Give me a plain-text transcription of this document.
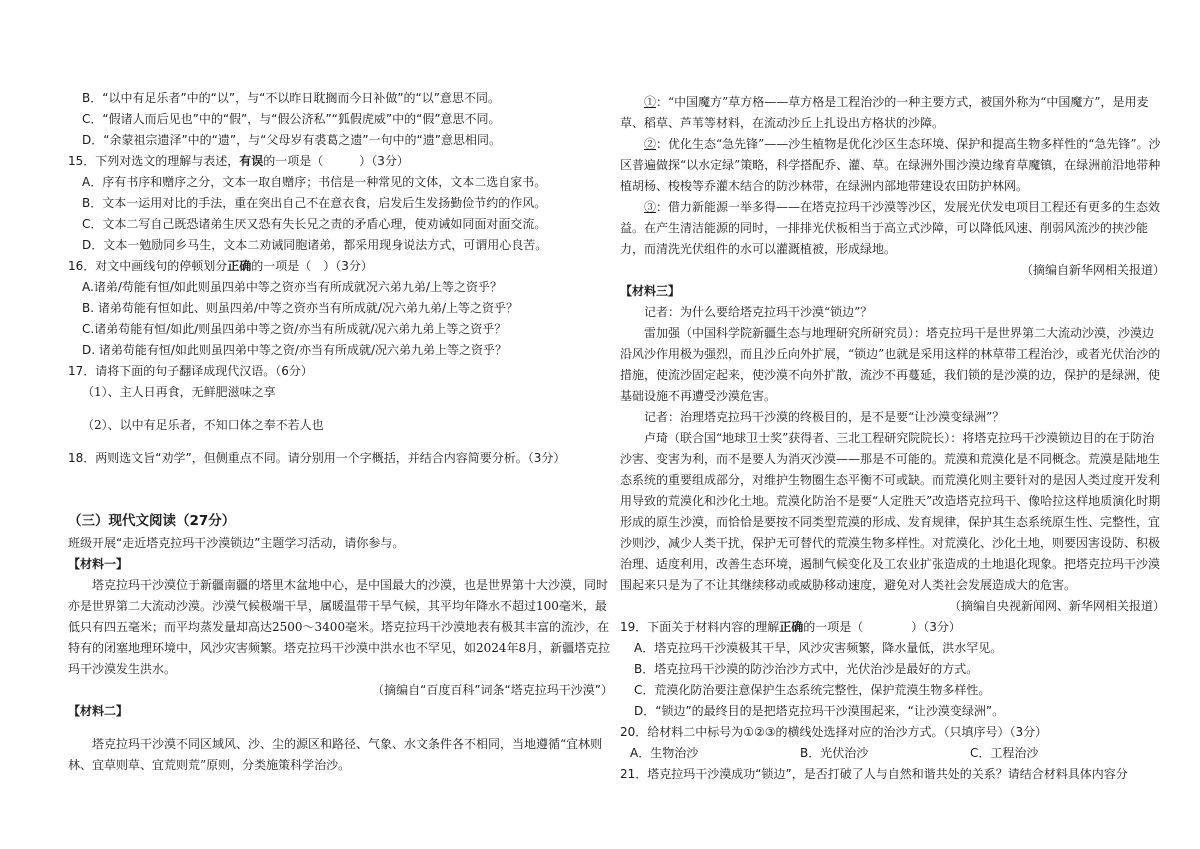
B．“以中有足乐者”中的“以”，与“不以昨日耽搁而今日补做”的“以”意思不同。
C．“假诸人而后见也”中的“假”，与“假公济私”“狐假虎威”中的“假”意思不同。
D．“余蒙祖宗遗泽”中的“遗”，与“父母岁有裘葛之遗”一句中的“遗”意思相同。
15．下列对选文的理解与表述，有误的一项是（　　　）（3分）
A．序有书序和赠序之分，文本一取自赠序；书信是一种常见的文体，文本二选自家书。
B．文本一运用对比的手法，重在突出自己不在意衣食，启发后生发扬勤俭节约的作风。
C．文本二写自己既恐诸弟生厌又恐有失长兄之责的矛盾心理，使劝诫如同面对面交流。
D．文本一勉励同乡马生，文本二劝诫同胞诸弟，都采用现身说法方式，可谓用心良苦。
16．对文中画线句的停顿划分正确的一项是（　）（3分）
A.诸弟/苟能有恒/如此则虽四弟中等之资亦当有所成就况六弟九弟/上等之资乎？
B. 诸弟苟能有恒如此、则虽四弟/中等之资亦当有所成就/况六弟九弟/上等之资乎？
C.诸弟苟能有恒/如此/则虽四弟中等之资/亦当有所成就/况六弟九弟上等之资乎？
D. 诸弟苟能有恒/如此则虽四弟中等之资/亦当有所成就/况六弟九弟上等之资乎？
17．请将下面的句子翻译成现代汉语。（6分）
（1）、主人日再食，无鲜肥滋味之享
（2）、以中有足乐者，不知口体之奉不若人也
18．两则选文旨“劝学”，但侧重点不同。请分别用一个字概括，并结合内容简要分析。（3分）
（三）现代文阅读（27分）
班级开展“走近塔克拉玛干沙漠锁边”主题学习活动，请你参与。
【材料一】
塔克拉玛干沙漠位于新疆南疆的塔里木盆地中心，是中国最大的沙漠，也是世界第十大沙漠，同时亦是世界第二大流动沙漠。沙漠气候极端干旱，属暖温带干旱气候，其平均年降水不超过100毫米，最低只有四五毫米；而平均蒸发量却高达2500～3400毫米。塔克拉玛干沙漠地表有极其丰富的流沙，在特有的闭塞地理环境中，风沙灾害频繁。塔克拉玛干沙漠中洪水也不罕见，如2024年8月，新疆塔克拉玛干沙漠发生洪水。
（摘编自“百度百科”词条“塔克拉玛干沙漠”）
【材料二】
塔克拉玛干沙漠不同区域风、沙、尘的源区和路径、气象、水文条件各不相同，当地遵循“宜林则林、宜草则草、宜荒则荒”原则，分类施策科学治沙。
①：“中国魔方”草方格——草方格是工程治沙的一种主要方式，被国外称为“中国魔方”，是用麦草、稻草、芦苇等材料，在流动沙丘上扎设出方格状的沙障。
②：优化生态“急先锋”——沙生植物是优化沙区生态环境、保护和提高生物多样性的“急先锋”。沙区普遍做探“以水定绿”策略，科学搭配乔、灌、草。在绿洲外围沙漠边缘育草魔镇，在绿洲前沿地带种植胡杨、梭梭等乔灌木结合的防沙林带，在绿洲内部地带建设农田防护林网。
③：借力新能源一举多得——在塔克拉玛干沙漠等沙区，发展光伏发电项目工程还有更多的生态效益。在产生清洁能源的同时，一排排光伏板相当于高立式沙障，可以降低风速、削弱风流沙的挟沙能力，而清洗光伏组件的水可以灌溉植被，形成绿地。
（摘编自新华网相关报道）
【材料三】
记者：为什么要给塔克拉玛干沙漠“锁边”？
雷加强（中国科学院新疆生态与地理研究所研究员）：塔克拉玛干是世界第二大流动沙漠，沙漠边沿风沙作用极为强烈，而且沙丘向外扩展，“锁边”也就是采用这样的林草带工程治沙，或者光伏治沙的措施，使流沙固定起来，使沙漠不向外扩散，流沙不再蔓延，我们锁的是沙漠的边，保护的是绿洲，使基础设施不再遭受沙漠危害。
记者：治理塔克拉玛干沙漠的终极目的，是不是要“让沙漠变绿洲”？
卢琦（联合国“地球卫士奖”获得者、三北工程研究院院长）：将塔克拉玛干沙漠锁边目的在于防治沙害、变害为利，而不是要人为消灭沙漠——那是不可能的。荒漠和荒漠化是不同概念。荒漠是陆地生态系统的重要组成部分，对维护生物圈生态平衡不可或缺。而荒漠化则主要针对的是因人类过度开发利用导致的荒漠化和沙化土地。荒漠化防治不是要“人定胜天”改造塔克拉玛干、像哈拉这样地质演化时期形成的原生沙漠，而恰恰是要按不同类型荒漠的形成、发育规律，保护其生态系统原生性、完整性，宜沙则沙，减少人类干扰，保护无可替代的荒漠生物多样性。对荒漠化、沙化土地，则要因害设防、积极治理、适度利用，改善生态环境，遏制气候变化及工农业扩张造成的土地退化现象。把塔克拉玛干沙漠围起来只是为了不让其继续移动或威胁移动速度，避免对人类社会发展造成大的危害。
（摘编自央视新闻网、新华网相关报道）
19．下面关于材料内容的理解正确的一项是（　　　　）（3分）
A．塔克拉玛干沙漠极其干旱，风沙灾害频繁，降水量低，洪水罕见。
B．塔克拉玛干沙漠的防沙治沙方式中，光伏治沙是最好的方式。
C．荒漠化防治要注意保护生态系统完整性，保护荒漠生物多样性。
D．“锁边”的最终目的是把塔克拉玛干沙漠围起来，“让沙漠变绿洲”。
20．给材料二中标号为①②③的横线处选择对应的治沙方式。（只填序号）（3分）
A．生物治沙	B．光伏治沙	C．工程治沙
21．塔克拉玛干沙漠成功“锁边”，是否打破了人与自然和谐共处的关系？请结合材料具体内容分
